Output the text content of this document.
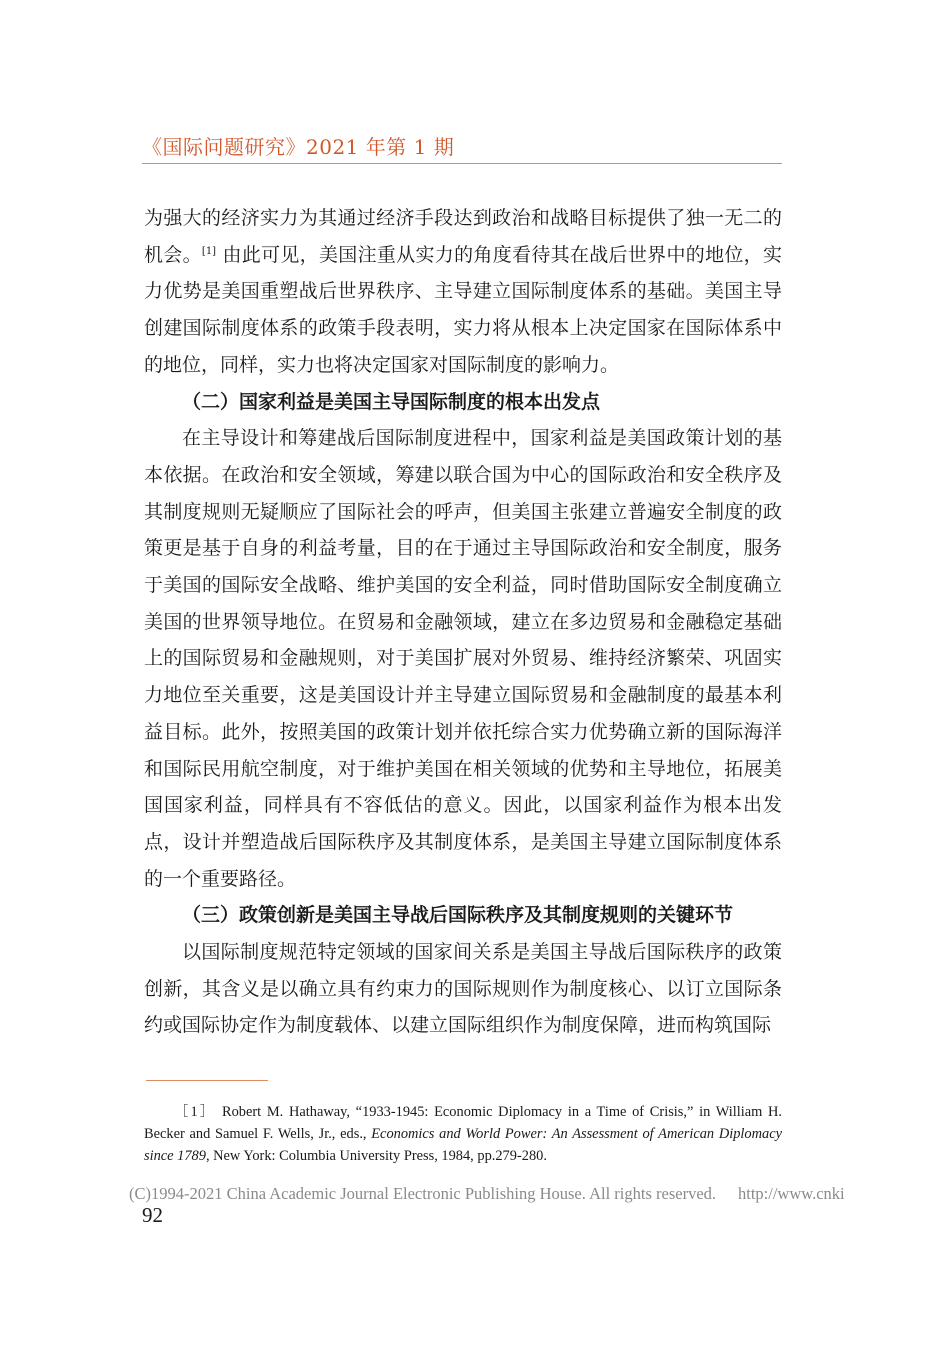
《国际问题研究》2021 年第 1 期

为强大的经济实力为其通过经济手段达到政治和战略目标提供了独一无二的机会。[1] 由此可见，美国注重从实力的角度看待其在战后世界中的地位，实力优势是美国重塑战后世界秩序、主导建立国际制度体系的基础。美国主导创建国际制度体系的政策手段表明，实力将从根本上决定国家在国际体系中的地位，同样，实力也将决定国家对国际制度的影响力。

（二）国家利益是美国主导国际制度的根本出发点

在主导设计和筹建战后国际制度进程中，国家利益是美国政策计划的基本依据。在政治和安全领域，筹建以联合国为中心的国际政治和安全秩序及其制度规则无疑顺应了国际社会的呼声，但美国主张建立普遍安全制度的政策更是基于自身的利益考量，目的在于通过主导国际政治和安全制度，服务于美国的国际安全战略、维护美国的安全利益，同时借助国际安全制度确立美国的世界领导地位。在贸易和金融领域，建立在多边贸易和金融稳定基础上的国际贸易和金融规则，对于美国扩展对外贸易、维持经济繁荣、巩固实力地位至关重要，这是美国设计并主导建立国际贸易和金融制度的最基本利益目标。此外，按照美国的政策计划并依托综合实力优势确立新的国际海洋和国际民用航空制度，对于维护美国在相关领域的优势和主导地位，拓展美国国家利益，同样具有不容低估的意义。因此，以国家利益作为根本出发点，设计并塑造战后国际秩序及其制度体系，是美国主导建立国际制度体系的一个重要路径。

（三）政策创新是美国主导战后国际秩序及其制度规则的关键环节

以国际制度规范特定领域的国家间关系是美国主导战后国际秩序的政策创新，其含义是以确立具有约束力的国际规则作为制度核心、以订立国际条约或国际协定作为制度载体、以建立国际组织作为制度保障，进而构筑国际

［1］ Robert M. Hathaway, “1933-1945: Economic Diplomacy in a Time of Crisis,” in William H. Becker and Samuel F. Wells, Jr., eds., Economics and World Power: An Assessment of American Diplomacy since 1789, New York: Columbia University Press, 1984, pp.279-280.

(C)1994-2021 China Academic Journal Electronic Publishing House. All rights reserved. http://www.cnki
92
